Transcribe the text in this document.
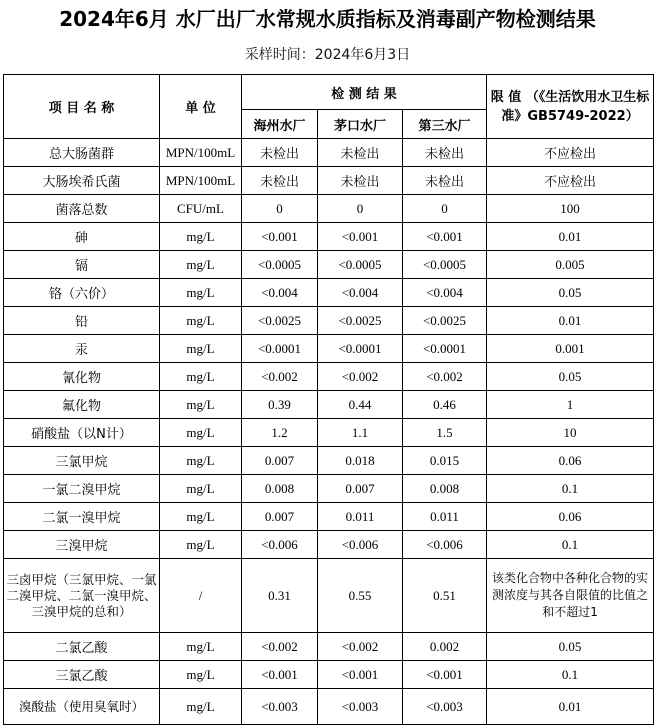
2024年6月 水厂出厂水常规水质指标及消毒副产物检测结果
采样时间：2024年6月3日
项 目 名 称	单 位	检 测 结 果			限 值 （《生活饮用水卫生标准》GB5749-2022）
		海州水厂	茅口水厂	第三水厂	
总大肠菌群	MPN/100mL	未检出	未检出	未检出	不应检出
大肠埃希氏菌	MPN/100mL	未检出	未检出	未检出	不应检出
菌落总数	CFU/mL	0	0	0	100
砷	mg/L	<0.001	<0.001	<0.001	0.01
镉	mg/L	<0.0005	<0.0005	<0.0005	0.005
铬（六价）	mg/L	<0.004	<0.004	<0.004	0.05
铅	mg/L	<0.0025	<0.0025	<0.0025	0.01
汞	mg/L	<0.0001	<0.0001	<0.0001	0.001
氰化物	mg/L	<0.002	<0.002	<0.002	0.05
氟化物	mg/L	0.39	0.44	0.46	1
硝酸盐（以N计）	mg/L	1.2	1.1	1.5	10
三氯甲烷	mg/L	0.007	0.018	0.015	0.06
一氯二溴甲烷	mg/L	0.008	0.007	0.008	0.1
二氯一溴甲烷	mg/L	0.007	0.011	0.011	0.06
三溴甲烷	mg/L	<0.006	<0.006	<0.006	0.1
三卤甲烷（三氯甲烷、一氯二溴甲烷、二氯一溴甲烷、三溴甲烷的总和）	/	0.31	0.55	0.51	该类化合物中各种化合物的实测浓度与其各自限值的比值之和不超过1
二氯乙酸	mg/L	<0.002	<0.002	0.002	0.05
三氯乙酸	mg/L	<0.001	<0.001	<0.001	0.1
溴酸盐（使用臭氧时）	mg/L	<0.003	<0.003	<0.003	0.01
